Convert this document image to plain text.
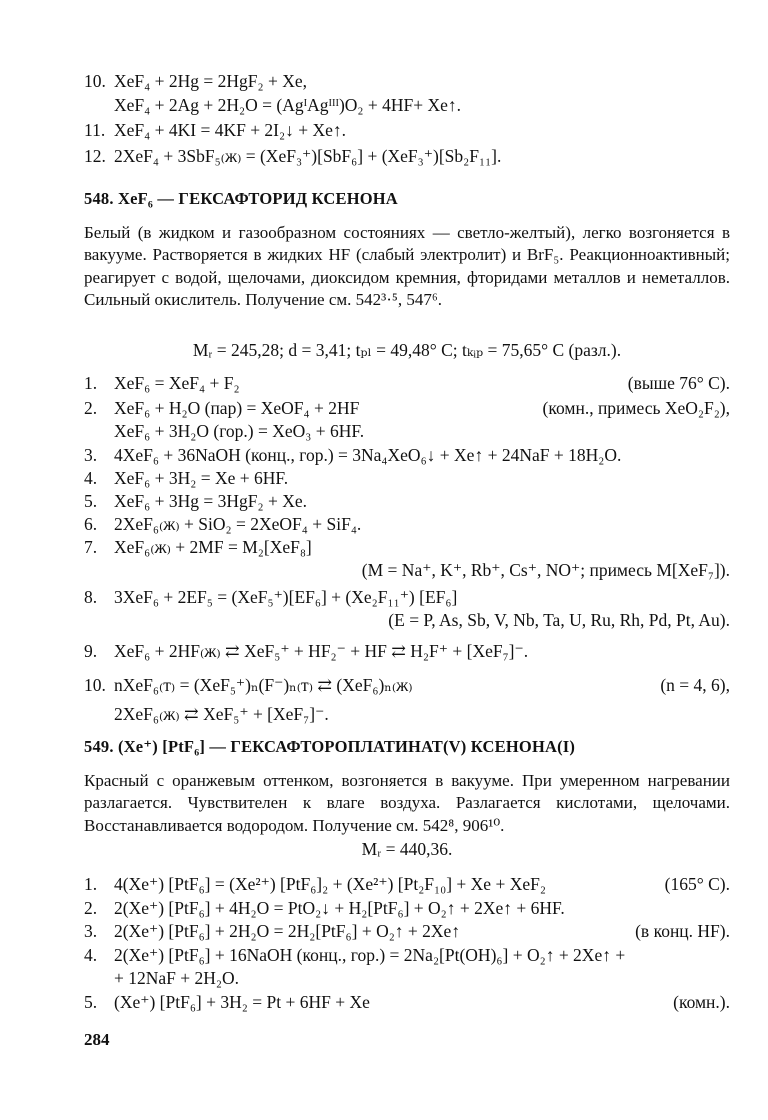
10. XeF₄ + 2Hg = 2HgF₂ + Xe,
XeF₄ + 2Ag + 2H₂O = (AgᴵAgᴵᴵᴵ)O₂ + 4HF+ Xe↑.
11. XeF₄ + 4KI = 4KF + 2I₂↓ + Xe↑.
12. 2XeF₄ + 3SbF₅₍ж₎ = (XeF₃⁺)[SbF₆] + (XeF₃⁺)[Sb₂F₁₁].
548. XeF₆ — ГЕКСАФТОРИД КСЕНОНА
Белый (в жидком и газообразном состояниях — светло-желтый), легко возгоняется в вакууме. Растворяется в жидких HF (слабый электролит) и BrF₅. Реакционноактивный; реагирует с водой, щелочами, диоксидом кремния, фторидами металлов и неметаллов. Сильный окислитель. Получение см. 542³·⁵, 547⁶.
Mᵣ = 245,28; d = 3,41; tₚₗ = 49,48° C; tₖᵢₚ = 75,65° C (разл.).
1. XeF₆ = XeF₄ + F₂	(выше 76° C).
2. XeF₆ + H₂O (пар) = XeOF₄ + 2HF	(комн., примесь XeO₂F₂),
XeF₆ + 3H₂O (гор.) = XeO₃ + 6HF.
3. 4XeF₆ + 36NaOH (конц., гор.) = 3Na₄XeO₆↓ + Xe↑ + 24NaF + 18H₂O.
4. XeF₆ + 3H₂ = Xe + 6HF.
5. XeF₆ + 3Hg = 3HgF₂ + Xe.
6. 2XeF₆₍ж₎ + SiO₂ = 2XeOF₄ + SiF₄.
7. XeF₆₍ж₎ + 2MF = M₂[XeF₈]
(M = Na⁺, K⁺, Rb⁺, Cs⁺, NO⁺; примесь M[XeF₇]).
8. 3XeF₆ + 2EF₅ = (XeF₅⁺)[EF₆] + (Xe₂F₁₁⁺) [EF₆]
(E = P, As, Sb, V, Nb, Ta, U, Ru, Rh, Pd, Pt, Au).
9. XeF₆ + 2HF₍ж₎ ⇄ XeF₅⁺ + HF₂⁻ + HF ⇄ H₂F⁺ + [XeF₇]⁻.
10. nXeF₆₍т₎ = (XeF₅⁺)ₙ(F⁻)ₙ₍т₎ ⇄ (XeF₆)ₙ₍ж₎	(n = 4, 6),
2XeF₆₍ж₎ ⇄ XeF₅⁺ + [XeF₇]⁻.
549. (Xe⁺) [PtF₆] — ГЕКСАФТОРОПЛАТИНАТ(V) КСЕНОНА(I)
Красный с оранжевым оттенком, возгоняется в вакууме. При умеренном нагревании разлагается. Чувствителен к влаге воздуха. Разлагается кислотами, щелочами. Восстанавливается водородом. Получение см. 542⁸, 906¹⁰.
Mᵣ = 440,36.
1. 4(Xe⁺) [PtF₆] = (Xe²⁺) [PtF₆]₂ + (Xe²⁺) [Pt₂F₁₀] + Xe + XeF₂	(165° C).
2. 2(Xe⁺) [PtF₆] + 4H₂O = PtO₂↓ + H₂[PtF₆] + O₂↑ + 2Xe↑ + 6HF.
3. 2(Xe⁺) [PtF₆] + 2H₂O = 2H₂[PtF₆] + O₂↑ + 2Xe↑	(в конц. HF).
4. 2(Xe⁺) [PtF₆] + 16NaOH (конц., гор.) = 2Na₂[Pt(OH)₆] + O₂↑ + 2Xe↑ +
+ 12NaF + 2H₂O.
5. (Xe⁺) [PtF₆] + 3H₂ = Pt + 6HF + Xe	(комн.).
284
